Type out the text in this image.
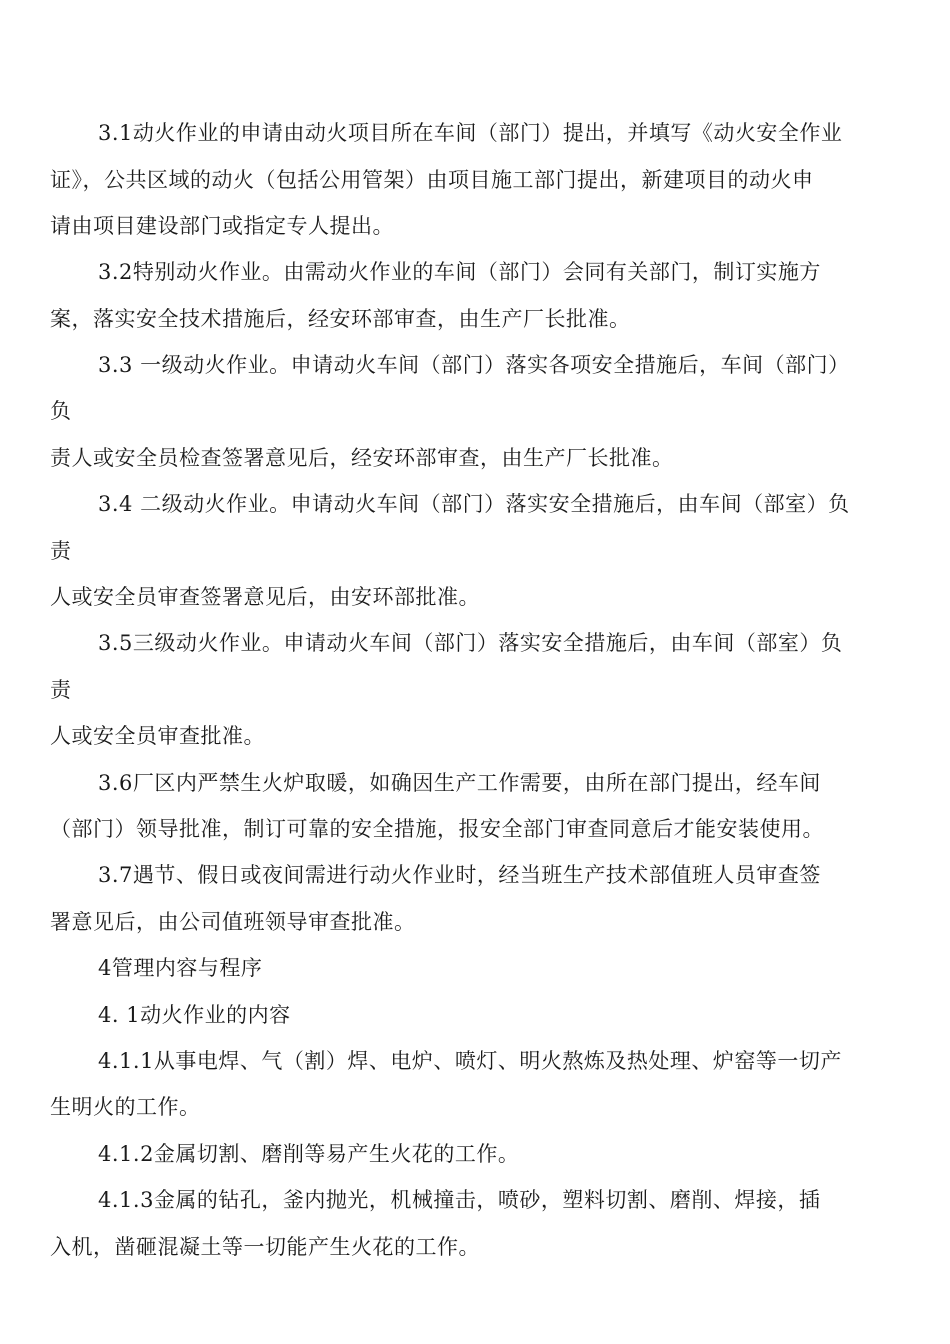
3.1动火作业的申请由动火项目所在车间（部门）提出，并填写《动火安全作业
证》，公共区域的动火（包括公用管架）由项目施工部门提出，新建项目的动火申
请由项目建设部门或指定专人提出。
3.2特别动火作业。由需动火作业的车间（部门）会同有关部门，制订实施方
案，落实安全技术措施后，经安环部审查，由生产厂长批准。
3.3 一级动火作业。申请动火车间（部门）落实各项安全措施后，车间（部门）
负
责人或安全员检查签署意见后，经安环部审查，由生产厂长批准。
3.4 二级动火作业。申请动火车间（部门）落实安全措施后，由车间（部室）负
责
人或安全员审查签署意见后，由安环部批准。
3.5三级动火作业。申请动火车间（部门）落实安全措施后，由车间（部室）负
责
人或安全员审查批准。
3.6厂区内严禁生火炉取暖，如确因生产工作需要，由所在部门提出，经车间
（部门）领导批准，制订可靠的安全措施，报安全部门审查同意后才能安装使用。
3.7遇节、假日或夜间需进行动火作业时，经当班生产技术部值班人员审查签
署意见后，由公司值班领导审查批准。
4管理内容与程序
4. 1动火作业的内容
4.1.1从事电焊、气（割）焊、电炉、喷灯、明火熬炼及热处理、炉窑等一切产
生明火的工作。
4.1.2金属切割、磨削等易产生火花的工作。
4.1.3金属的钻孔，釜内抛光，机械撞击，喷砂，塑料切割、磨削、焊接，插
入机，凿砸混凝土等一切能产生火花的工作。
